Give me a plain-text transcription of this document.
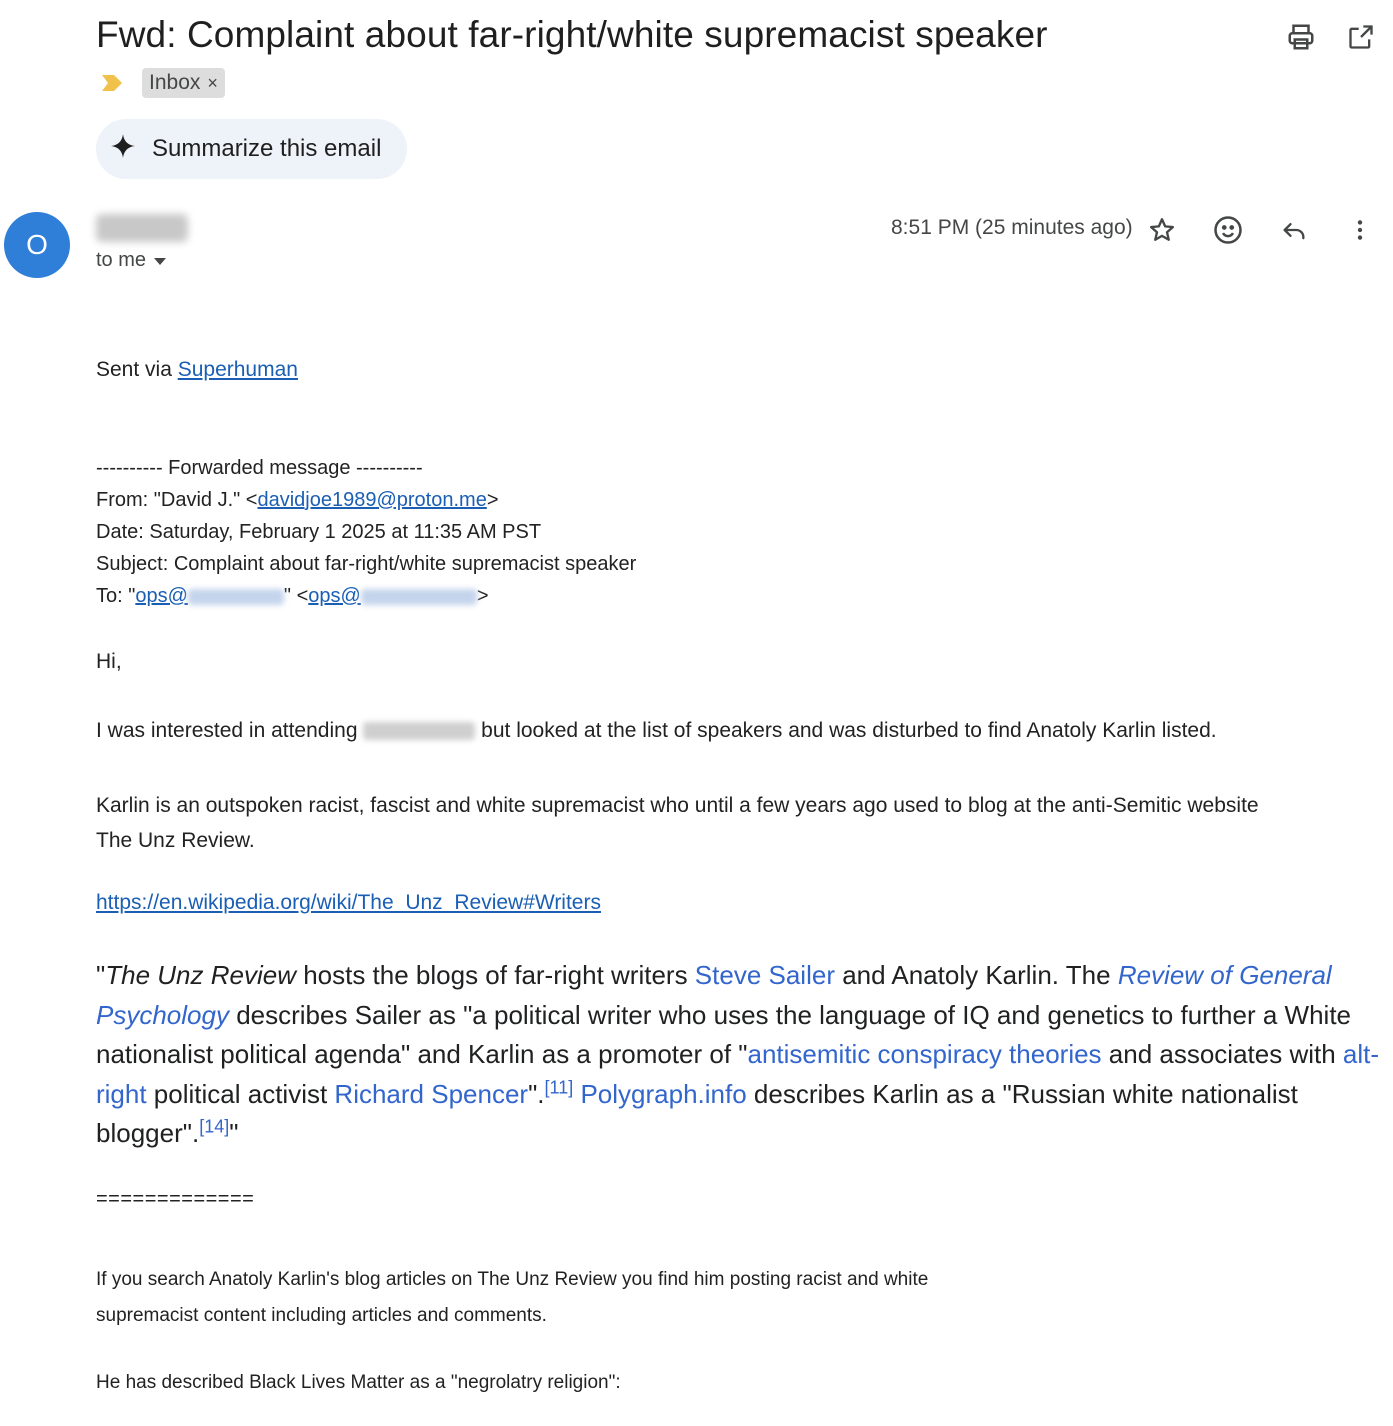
Fwd: Complaint about far-right/white supremacist speaker
Inbox ×
Summarize this email
O	to me
8:51 PM (25 minutes ago)
Sent via Superhuman
---------- Forwarded message ----------
From: "David J." <davidjoe1989@proton.me>
Date: Saturday, February 1 2025 at 11:35 AM PST
Subject: Complaint about far-right/white supremacist speaker
To: "ops@	" <ops@	>
Hi,
I was interested in attending	but looked at the list of speakers and was disturbed to find Anatoly Karlin listed.
Karlin is an outspoken racist, fascist and white supremacist who until a few years ago used to blog at the anti-Semitic website
The Unz Review.
https://en.wikipedia.org/wiki/The_Unz_Review#Writers
"The Unz Review hosts the blogs of far-right writers Steve Sailer and Anatoly Karlin. The Review of General Psychology describes Sailer as "a political writer who uses the language of IQ and genetics to further a White nationalist political agenda" and Karlin as a promoter of "antisemitic conspiracy theories and associates with alt-right political activist Richard Spencer".[11] Polygraph.info describes Karlin as a "Russian white nationalist blogger".[14]"
=============
If you search Anatoly Karlin's blog articles on The Unz Review you find him posting racist and white
supremacist content including articles and comments.
He has described Black Lives Matter as a "negrolatry religion":
